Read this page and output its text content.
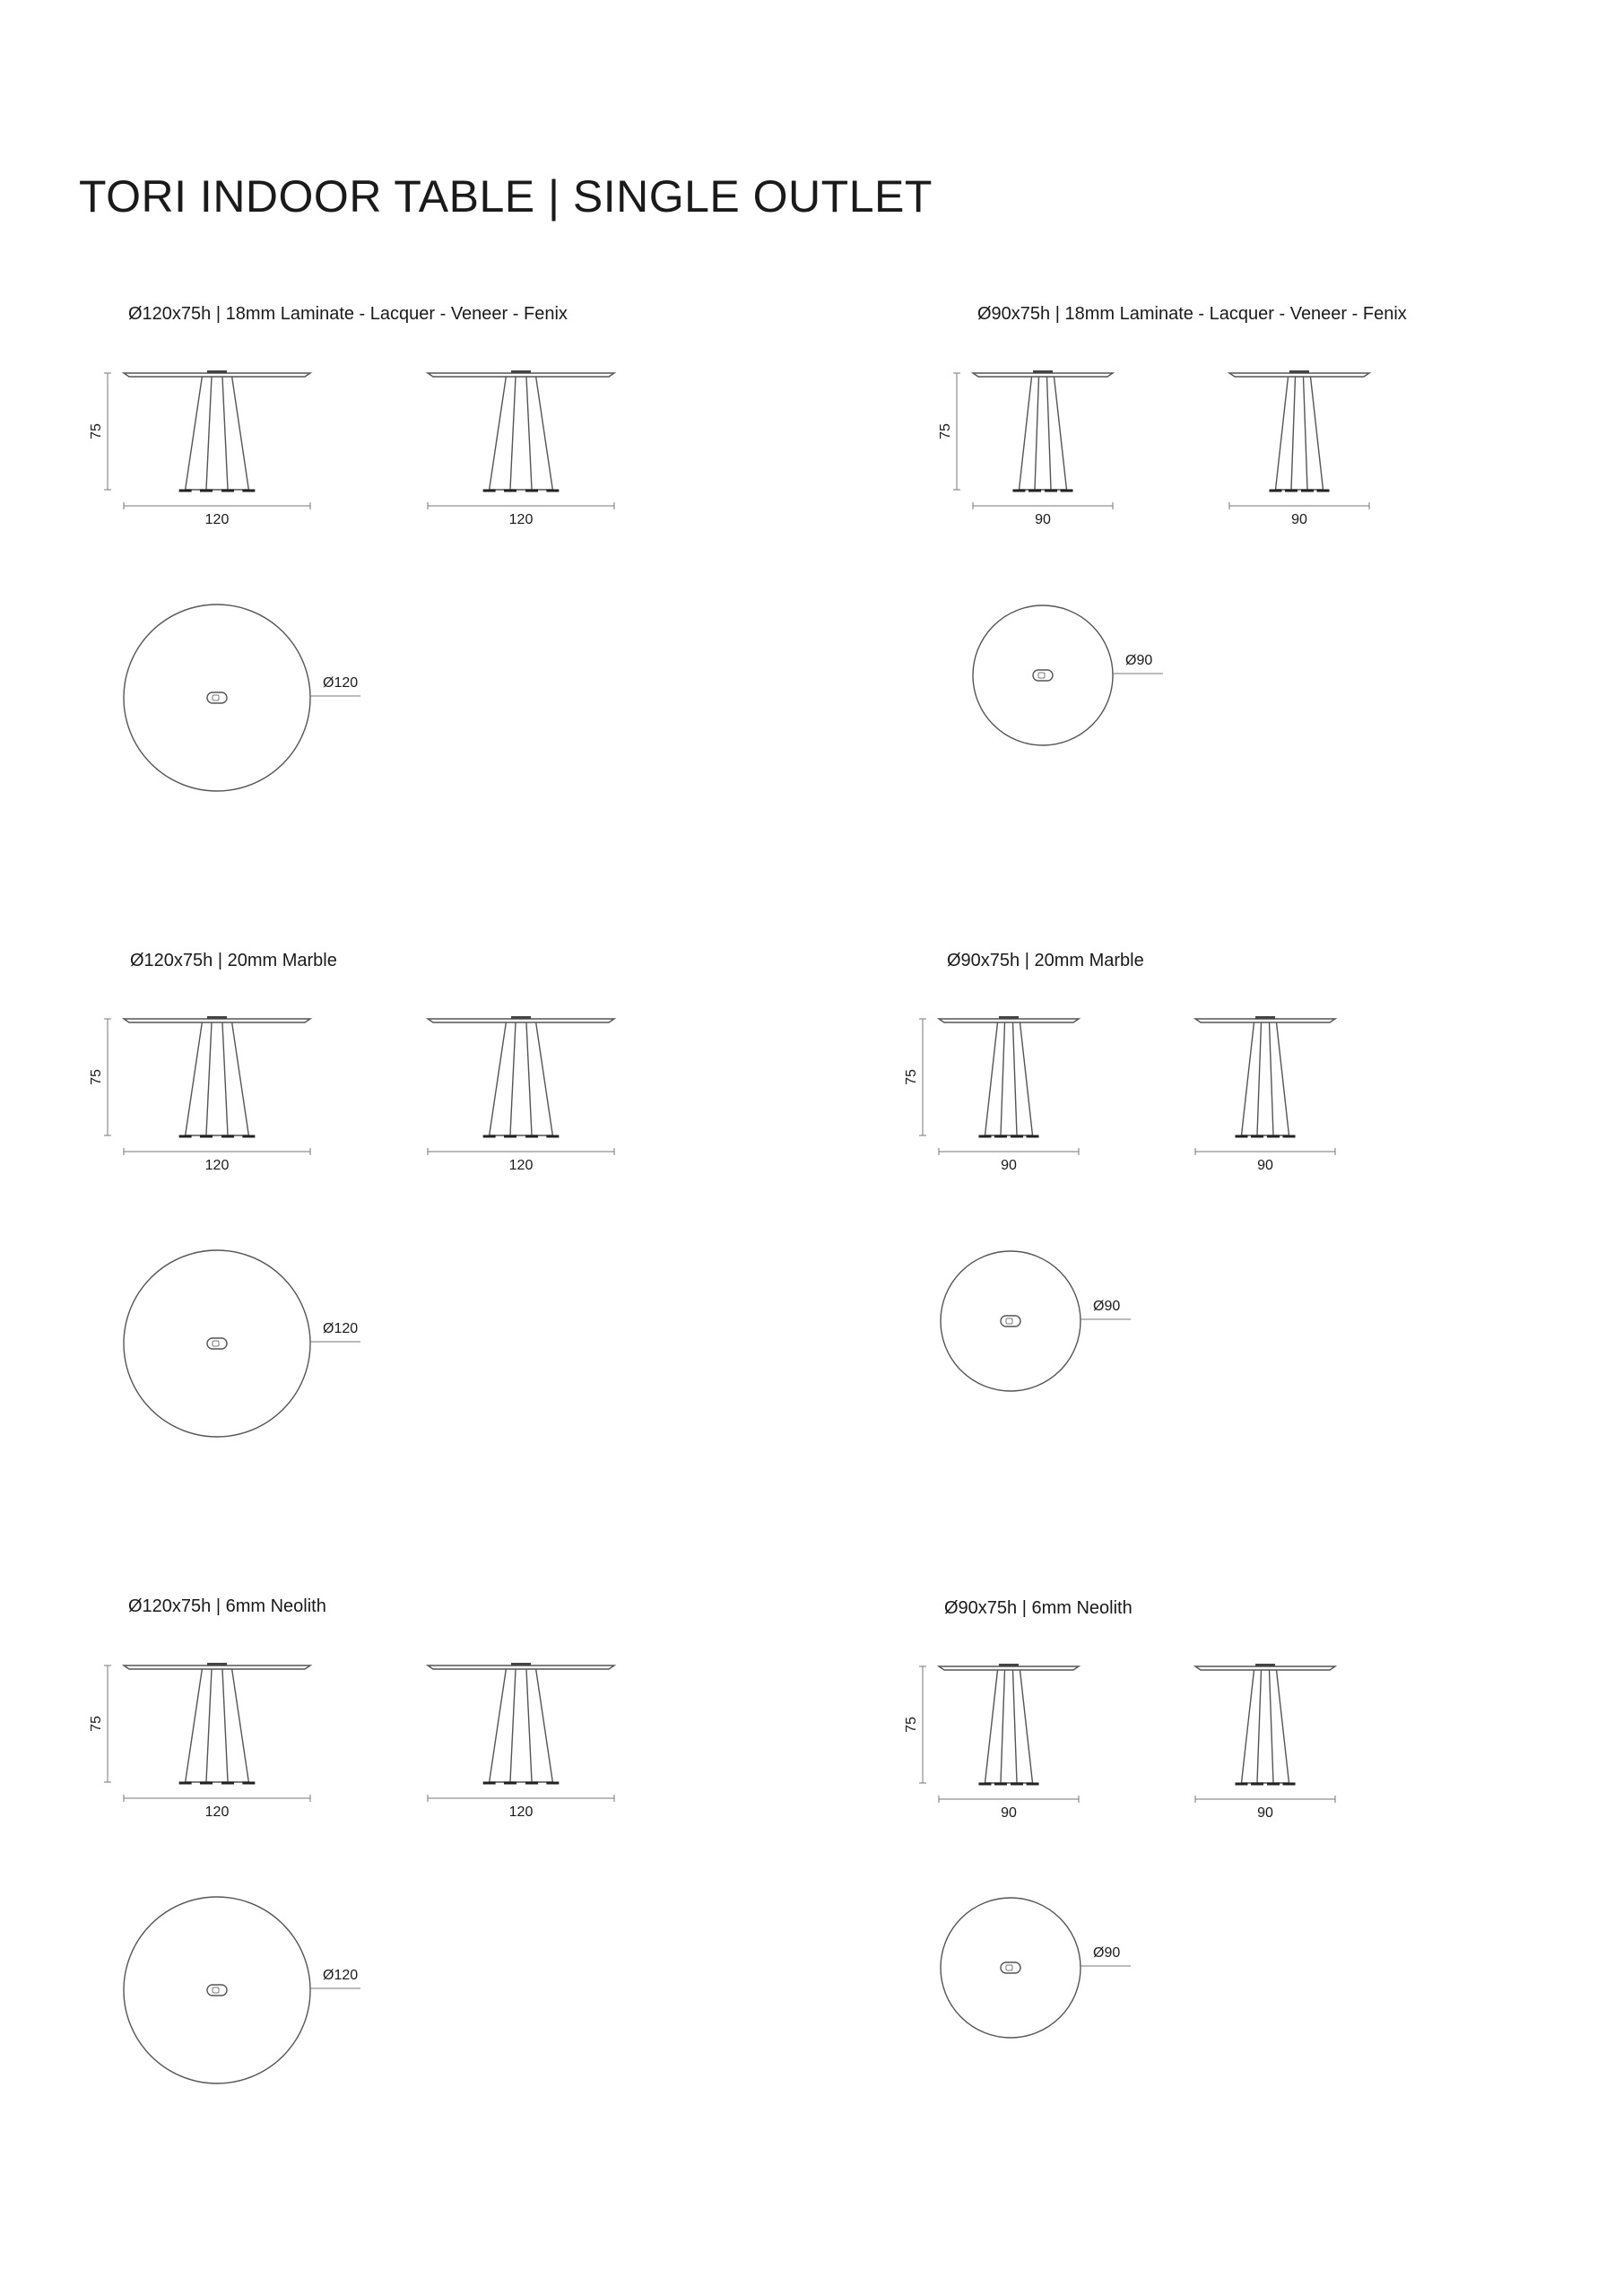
TORI INDOOR TABLE | SINGLE OUTLET
Ø120x75h | 18mm Laminate - Lacquer - Veneer - Fenix
120
75
120
Ø120
Ø90x75h | 18mm Laminate - Lacquer - Veneer - Fenix
90
75
90
Ø90
Ø120x75h | 20mm Marble
120
75
120
Ø120
Ø90x75h | 20mm Marble
90
75
90
Ø90
Ø120x75h | 6mm Neolith
120
75
120
Ø120
Ø90x75h | 6mm Neolith
90
75
90
Ø90
